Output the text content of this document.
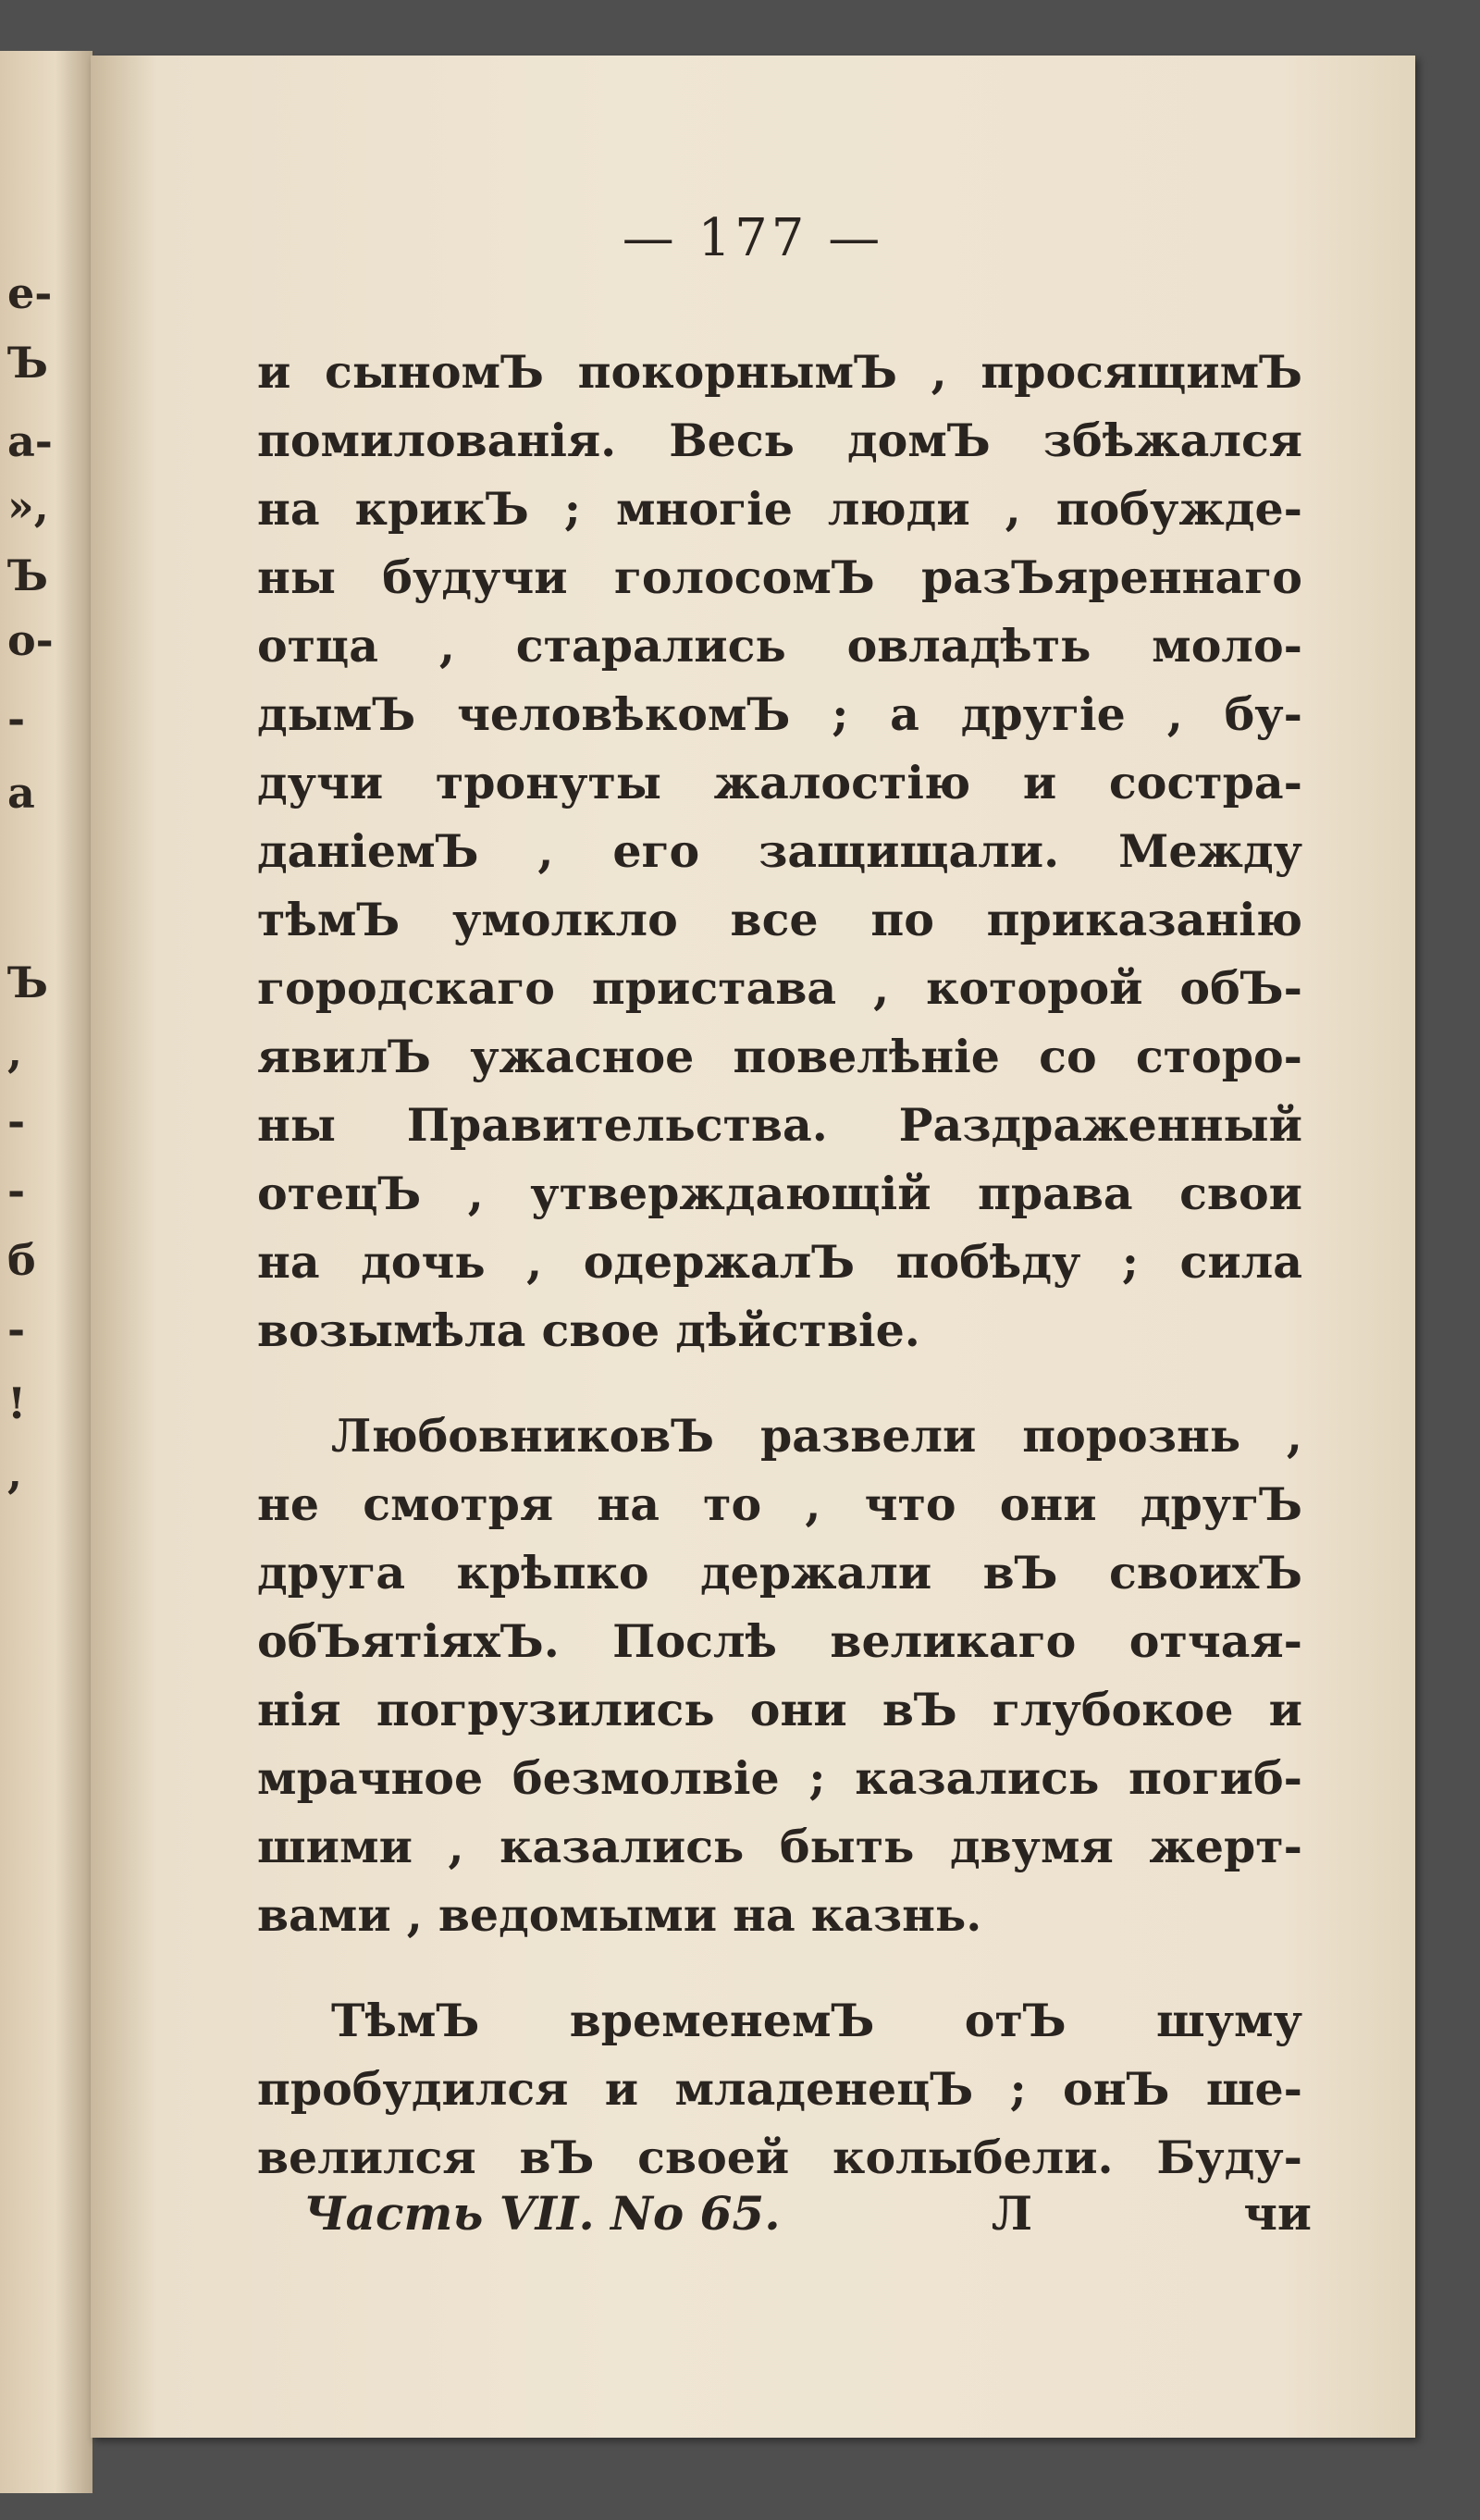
е-
Ъ
а-
»,
Ъ
о-
-
а
Ъ
,
-
-
б
-
!
,
— 177 —
и сыномЪ покорнымЪ , просящимЪ
помилованія. Весь домЪ збѣжался
на крикЪ ; многіе люди , побужде-
ны будучи голосомЪ разЪяреннаго
отца , старались овладѣть моло-
дымЪ человѣкомЪ ; а другіе , бу-
дучи тронуты жалостію и состра-
даніемЪ , его защищали. Между
тѣмЪ умолкло все по приказанію
городскаго пристава , которой обЪ-
явилЪ ужасное повелѣніе со сторо-
ны Правительства. Раздраженный
отецЪ , утверждающій права свои
на дочь , одержалЪ побѣду ; сила
возымѣла свое дѣйствіе.
ЛюбовниковЪ развели порознь ,
не смотря на то , что они другЪ
друга крѣпко держали вЪ своихЪ
обЪятіяхЪ. Послѣ великаго отчая-
нія погрузились они вЪ глубокое и
мрачное безмолвіе ; казались погиб-
шими , казались быть двумя жерт-
вами , ведомыми на казнь.
ТѣмЪ временемЪ отЪ шуму
пробудился и младенецЪ ; онЪ ше-
велился вЪ своей колыбели. Буду-
Часть VII. No 65.	Л	чи
